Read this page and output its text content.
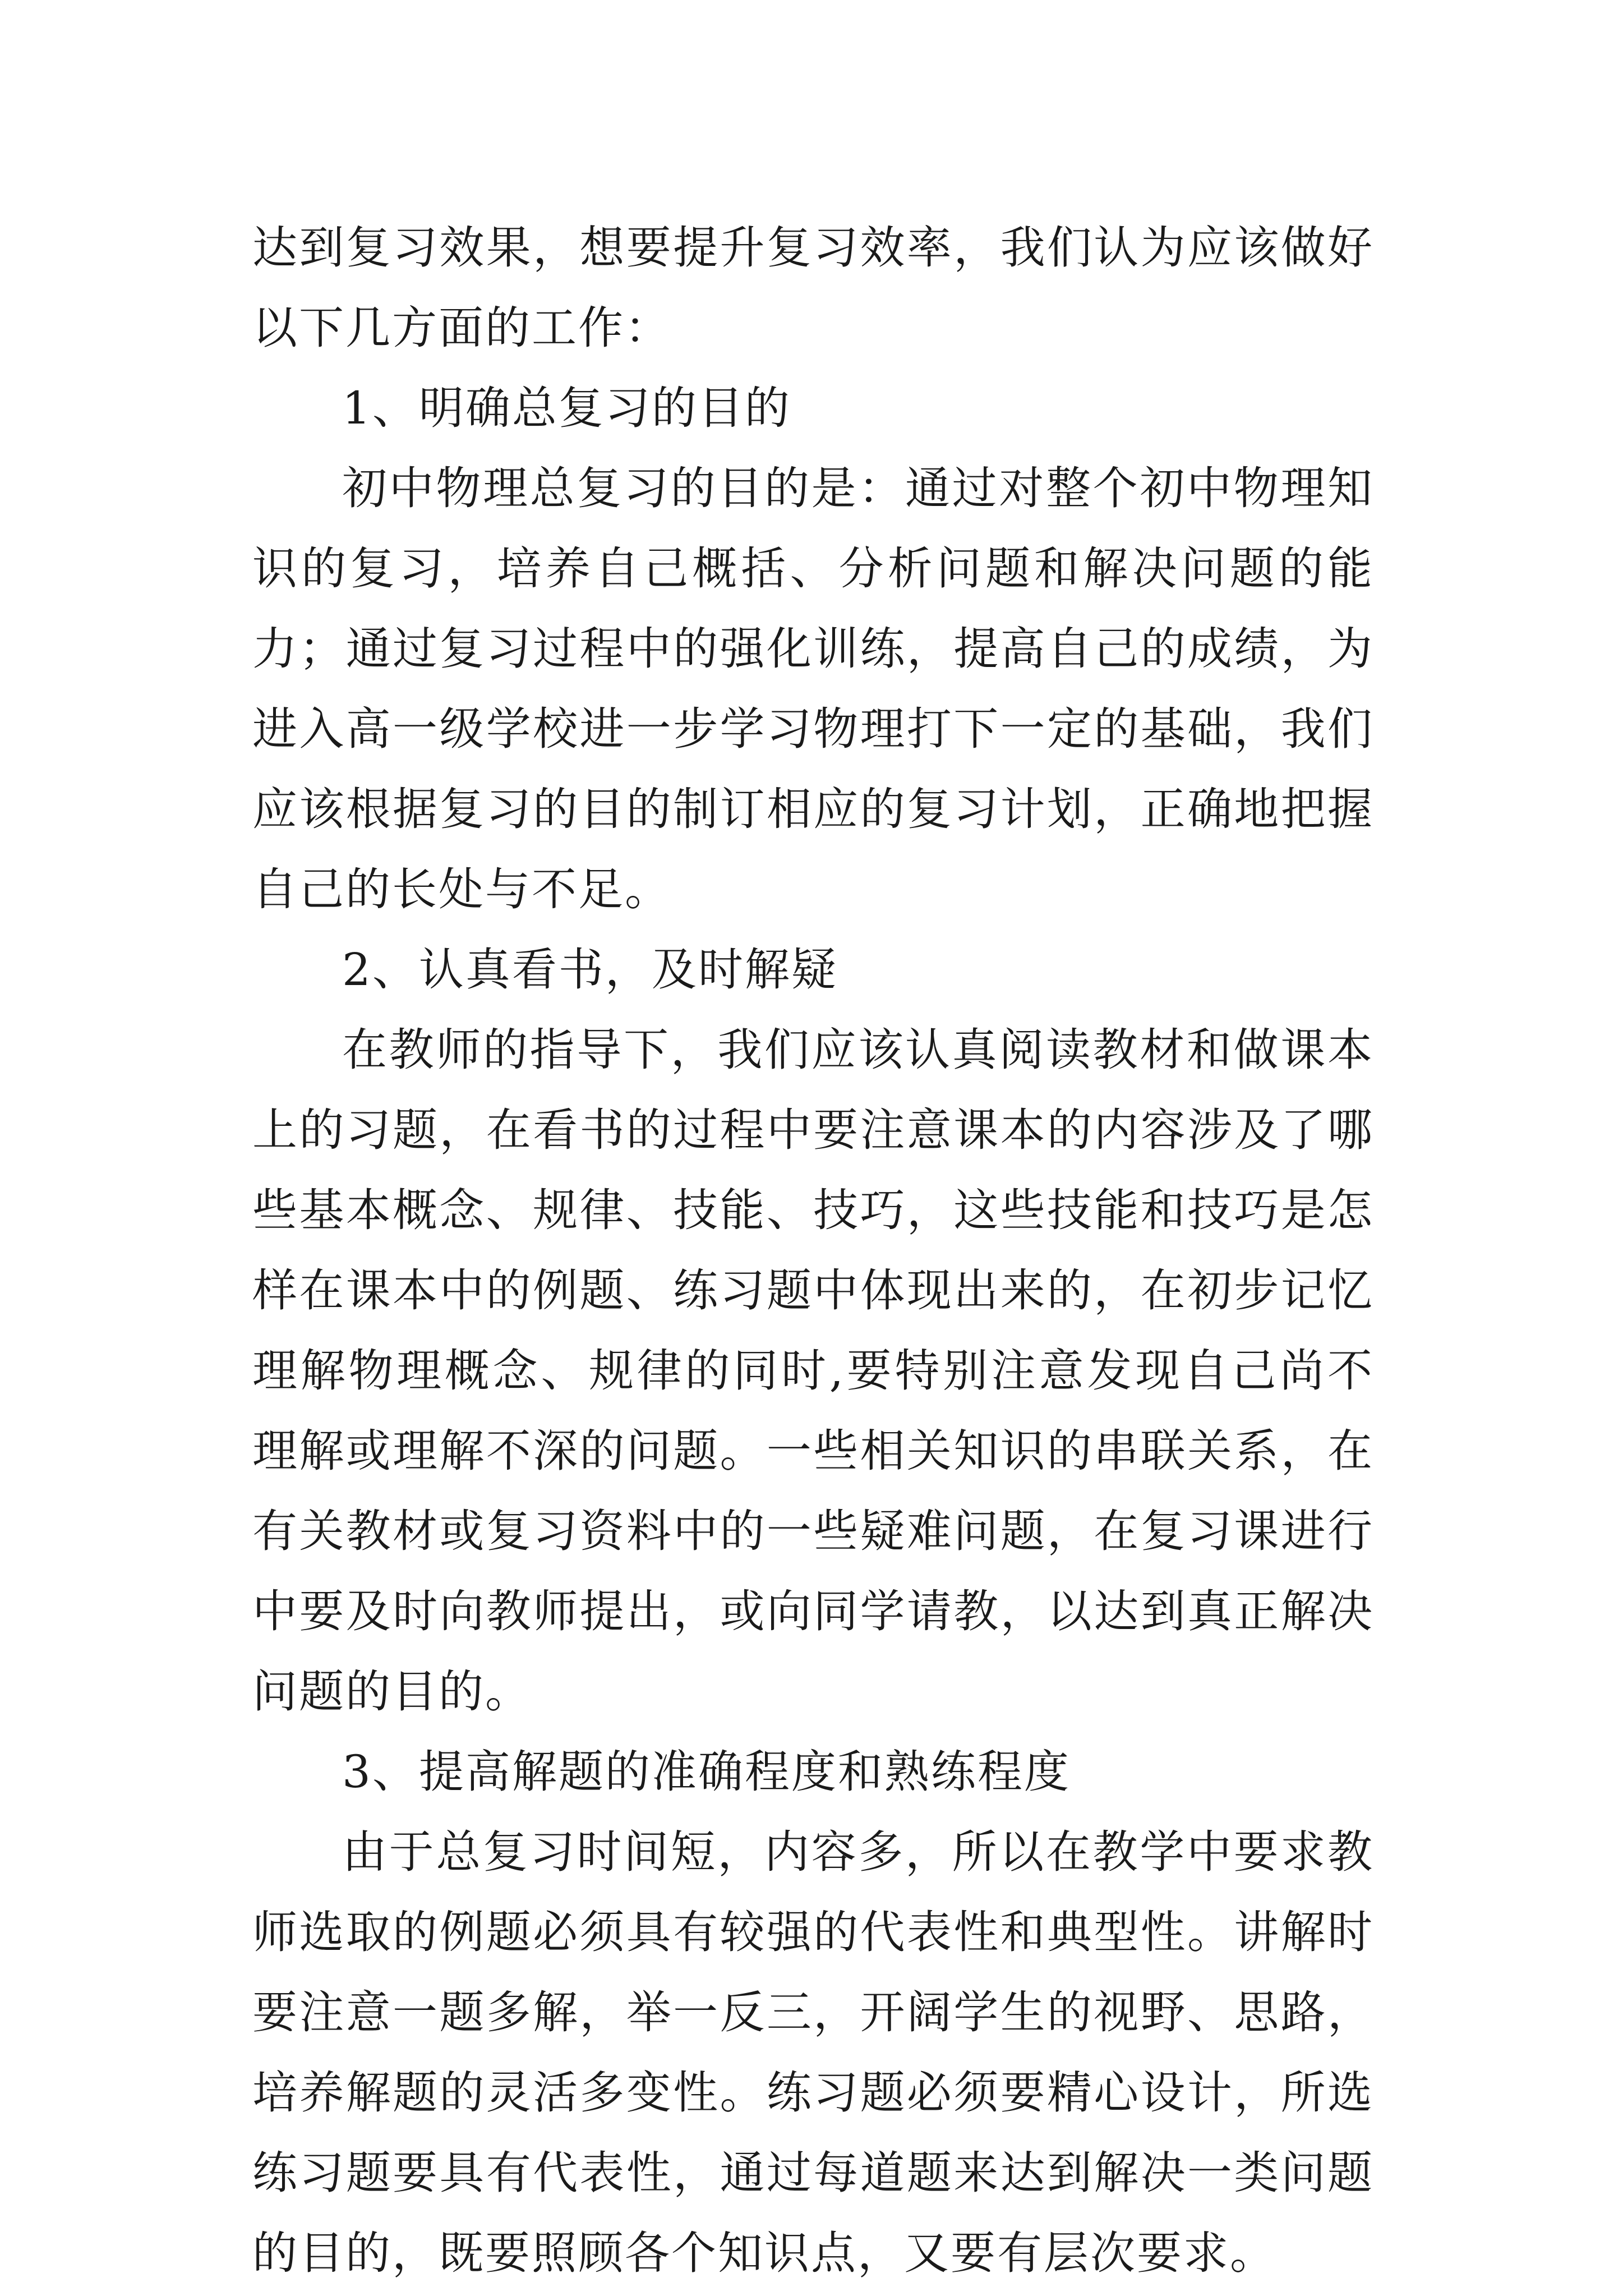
达到复习效果，想要提升复习效率，我们认为应该做好以下几方面的工作：

1、明确总复习的目的

初中物理总复习的目的是：通过对整个初中物理知识的复习，培养自己概括、分析问题和解决问题的能力；通过复习过程中的强化训练，提高自己的成绩，为进入高一级学校进一步学习物理打下一定的基础，我们应该根据复习的目的制订相应的复习计划，正确地把握自己的长处与不足。

2、认真看书，及时解疑

在教师的指导下，我们应该认真阅读教材和做课本上的习题，在看书的过程中要注意课本的内容涉及了哪些基本概念、规律、技能、技巧，这些技能和技巧是怎样在课本中的例题、练习题中体现出来的，在初步记忆理解物理概念、规律的同时,要特别注意发现自己尚不理解或理解不深的问题。一些相关知识的串联关系，在有关教材或复习资料中的一些疑难问题，在复习课进行中要及时向教师提出，或向同学请教，以达到真正解决问题的目的。

3、提高解题的准确程度和熟练程度

由于总复习时间短，内容多，所以在教学中要求教师选取的例题必须具有较强的代表性和典型性。讲解时要注意一题多解，举一反三，开阔学生的视野、思路，培养解题的灵活多变性。练习题必须要精心设计，所选练习题要具有代表性，通过每道题来达到解决一类问题的目的，既要照顾各个知识点，又要有层次要求。
